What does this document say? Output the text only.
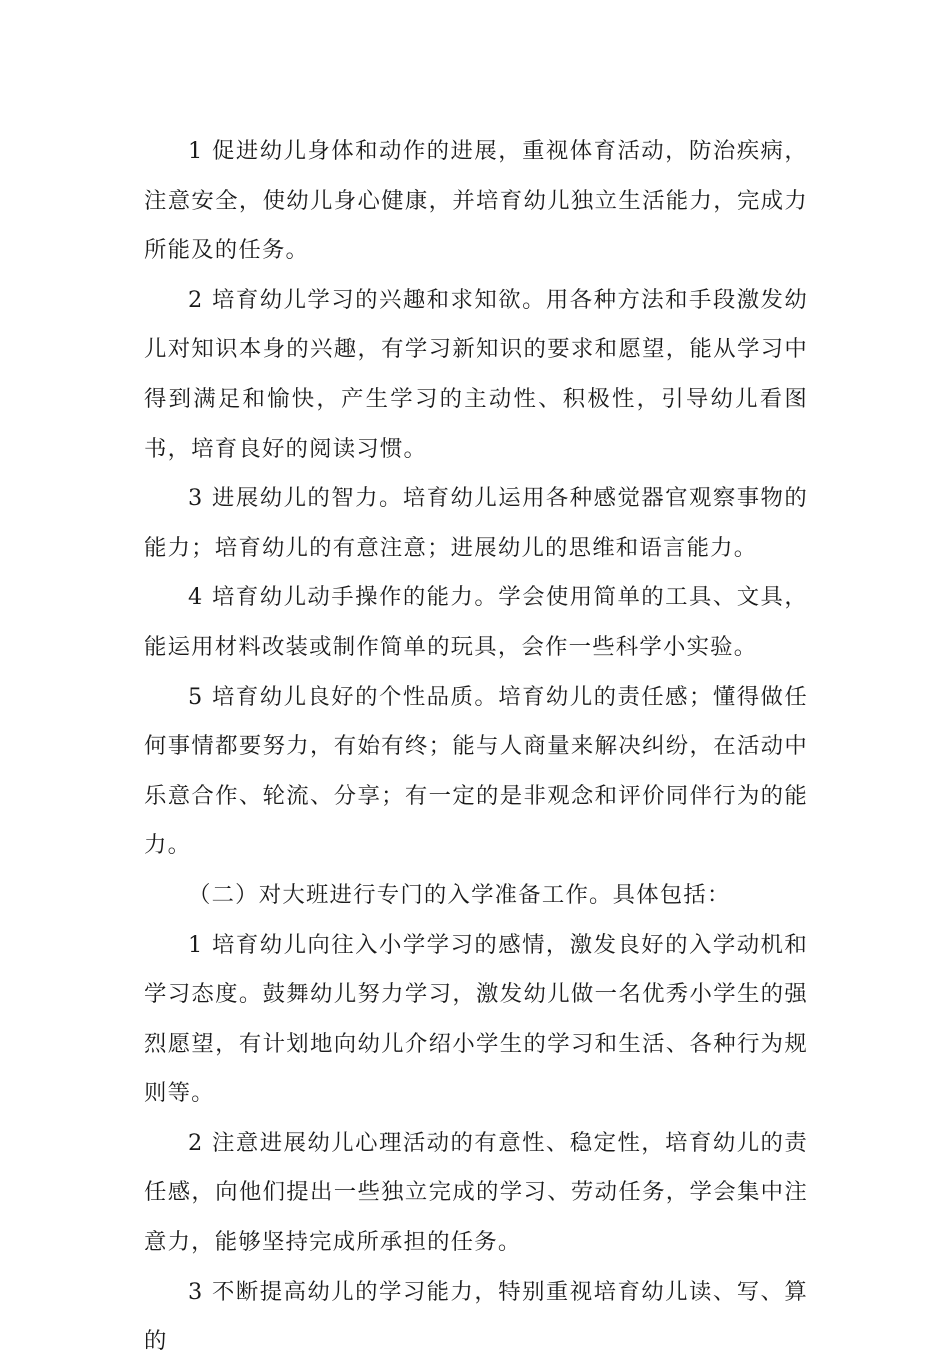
1 促进幼儿身体和动作的进展，重视体育活动，防治疾病，注意安全，使幼儿身心健康，并培育幼儿独立生活能力，完成力所能及的任务。

2 培育幼儿学习的兴趣和求知欲。用各种方法和手段激发幼儿对知识本身的兴趣，有学习新知识的要求和愿望，能从学习中得到满足和愉快，产生学习的主动性、积极性，引导幼儿看图书，培育良好的阅读习惯。

3 进展幼儿的智力。培育幼儿运用各种感觉器官观察事物的能力；培育幼儿的有意注意；进展幼儿的思维和语言能力。

4 培育幼儿动手操作的能力。学会使用简单的工具、文具，能运用材料改装或制作简单的玩具，会作一些科学小实验。

5 培育幼儿良好的个性品质。培育幼儿的责任感；懂得做任何事情都要努力，有始有终；能与人商量来解决纠纷，在活动中乐意合作、轮流、分享；有一定的是非观念和评价同伴行为的能力。

（二）对大班进行专门的入学准备工作。具体包括：

1 培育幼儿向往入小学学习的感情，激发良好的入学动机和学习态度。鼓舞幼儿努力学习，激发幼儿做一名优秀小学生的强烈愿望，有计划地向幼儿介绍小学生的学习和生活、各种行为规则等。

2 注意进展幼儿心理活动的有意性、稳定性，培育幼儿的责任感，向他们提出一些独立完成的学习、劳动任务，学会集中注意力，能够坚持完成所承担的任务。

3 不断提高幼儿的学习能力，特别重视培育幼儿读、写、算的
